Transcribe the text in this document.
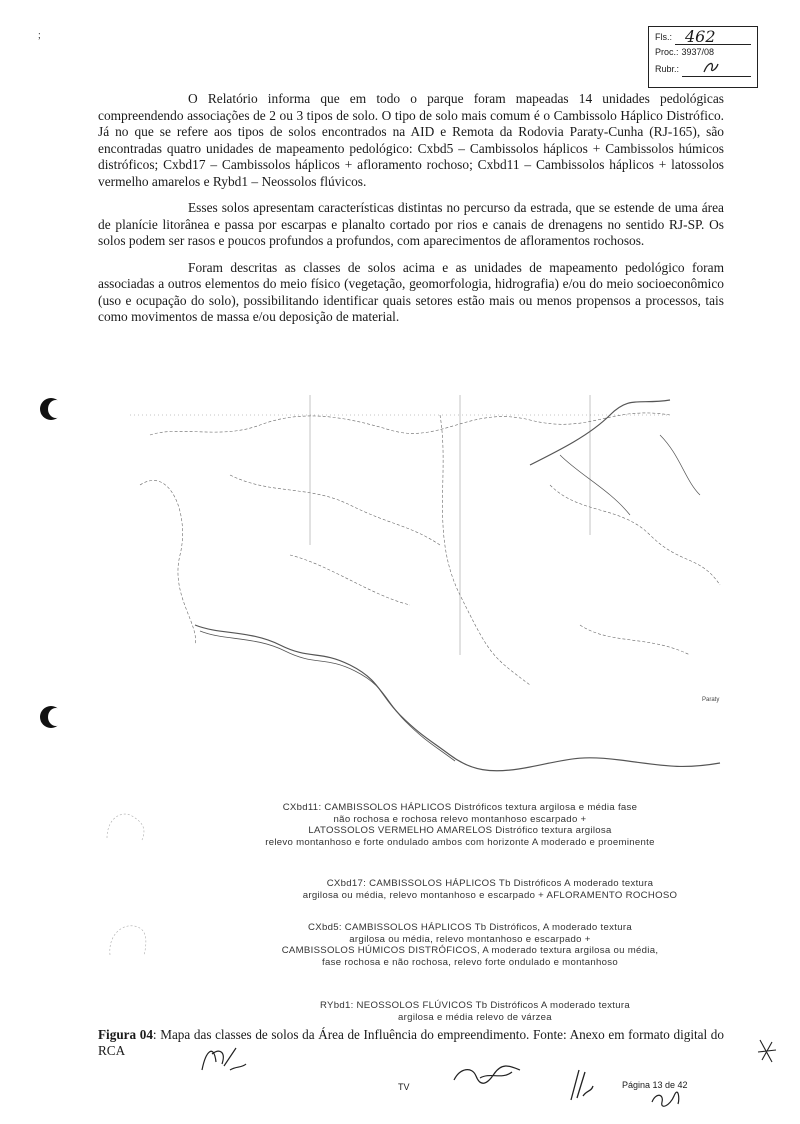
;	Fls.: 462
Proc.: 3937/08
Rubr.:

O Relatório informa que em todo o parque foram mapeadas 14 unidades pedológicas compreendendo associações de 2 ou 3 tipos de solo. O tipo de solo mais comum é o Cambissolo Háplico Distrófico. Já no que se refere aos tipos de solos encontrados na AID e Remota da Rodovia Paraty-Cunha (RJ-165), são encontradas quatro unidades de mapeamento pedológico: Cxbd5 – Cambissolos háplicos + Cambissolos húmicos distróficos; Cxbd17 – Cambissolos háplicos + afloramento rochoso; Cxbd11 – Cambissolos háplicos + latossolos vermelho amarelos e Rybd1 – Neossolos flúvicos.

Esses solos apresentam características distintas no percurso da estrada, que se estende de uma área de planície litorânea e passa por escarpas e planalto cortado por rios e canais de drenagens no sentido RJ-SP. Os solos podem ser rasos e poucos profundos a profundos, com aparecimentos de afloramentos rochosos.

Foram descritas as classes de solos acima e as unidades de mapeamento pedológico foram associadas a outros elementos do meio físico (vegetação, geomorfologia, hidrografia) e/ou do meio socioeconômico (uso e ocupação do solo), possibilitando identificar quais setores estão mais ou menos propensos a processos, tais como movimentos de massa e/ou deposição de material.

Paraty
CXbd11: CAMBISSOLOS HÁPLICOS Distróficos textura argilosa e média fase
não rochosa e rochosa relevo montanhoso escarpado +
LATOSSOLOS VERMELHO AMARELOS Distrófico textura argilosa
relevo montanhoso e forte ondulado ambos com horizonte A moderado e proeminente
CXbd17: CAMBISSOLOS HÁPLICOS Tb Distróficos A moderado textura
argilosa ou média, relevo montanhoso e escarpado + AFLORAMENTO ROCHOSO
CXbd5: CAMBISSOLOS HÁPLICOS Tb Distróficos, A moderado textura
argilosa ou média, relevo montanhoso e escarpado +
CAMBISSOLOS HÚMICOS DISTRÓFICOS, A moderado textura argilosa ou média,
fase rochosa e não rochosa, relevo forte ondulado e montanhoso
RYbd1: NEOSSOLOS FLÚVICOS Tb Distróficos A moderado textura
argilosa e média relevo de várzea
Figura 04: Mapa das classes de solos da Área de Influência do empreendimento. Fonte: Anexo em formato digital do RCA
TV	Página 13 de 42
